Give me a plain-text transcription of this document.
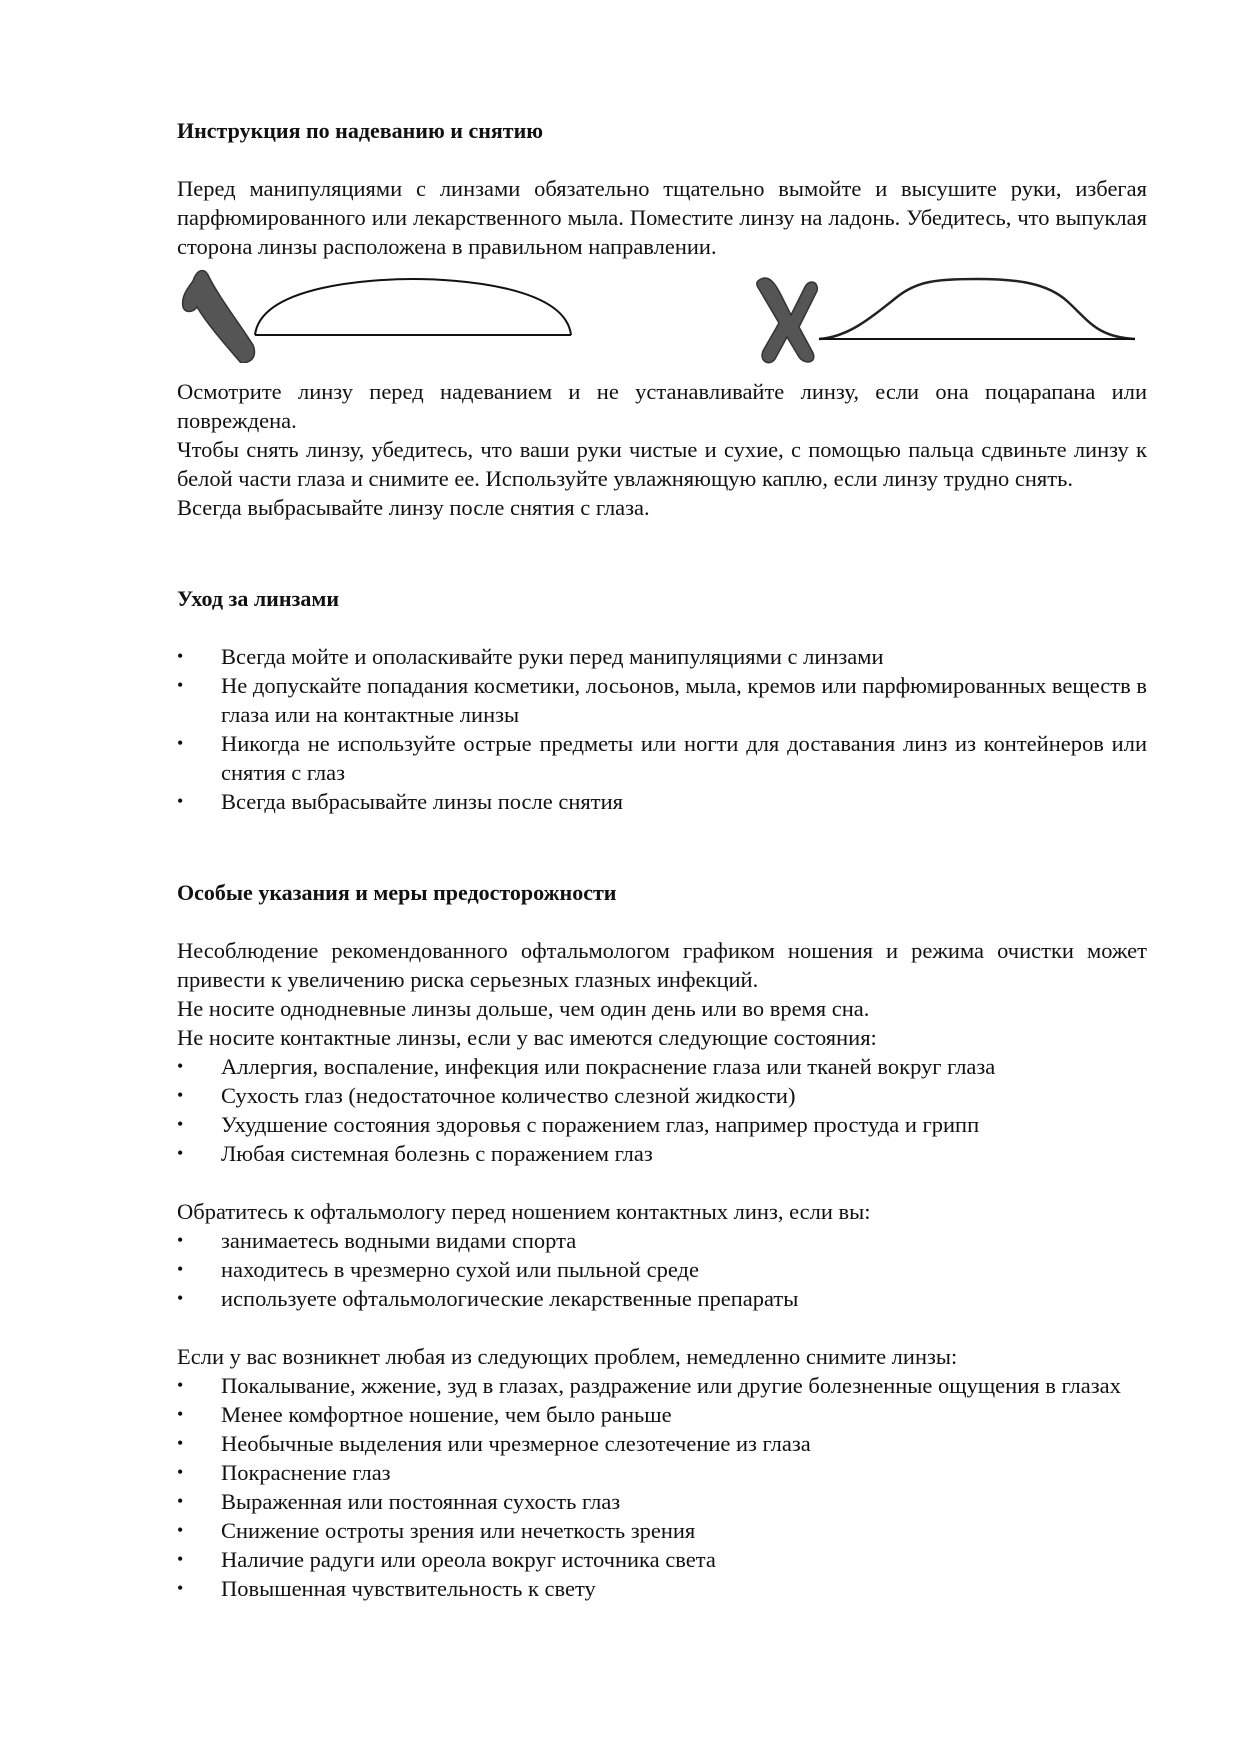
Инструкция по надеванию и снятию

Перед манипуляциями с линзами обязательно тщательно вымойте и высушите руки, избегая парфюмированного или лекарственного мыла. Поместите линзу на ладонь. Убедитесь, что выпуклая сторона линзы расположена в правильном направлении.

Осмотрите линзу перед надеванием и не устанавливайте линзу, если она поцарапана или повреждена.

Чтобы снять линзу, убедитесь, что ваши руки чистые и сухие, с помощью пальца сдвиньте линзу к белой части глаза и снимите ее. Используйте увлажняющую каплю, если линзу трудно снять.

Всегда выбрасывайте линзу после снятия с глаза.

Уход за линзами
•	Всегда мойте и ополаскивайте руки перед манипуляциями с линзами
•	Не допускайте попадания косметики, лосьонов, мыла, кремов или парфюмированных веществ в глаза или на контактные линзы
•	Никогда не используйте острые предметы или ногти для доставания линз из контейнеров или снятия с глаз
•	Всегда выбрасывайте линзы после снятия
Особые указания и меры предосторожности

Несоблюдение рекомендованного офтальмологом графиком ношения и режима очистки может привести к увеличению риска серьезных глазных инфекций.

Не носите однодневные линзы дольше, чем один день или во время сна.

Не носите контактные линзы, если у вас имеются следующие состояния:

•	Аллергия, воспаление, инфекция или покраснение глаза или тканей вокруг глаза
•	Сухость глаз (недостаточное количество слезной жидкости)
•	Ухудшение состояния здоровья с поражением глаз, например простуда и грипп
•	Любая системная болезнь с поражением глаз

Обратитесь к офтальмологу перед ношением контактных линз, если вы:

•	занимаетесь водными видами спорта
•	находитесь в чрезмерно сухой или пыльной среде
•	используете офтальмологические лекарственные препараты

Если у вас возникнет любая из следующих проблем, немедленно снимите линзы:

•	Покалывание, жжение, зуд в глазах, раздражение или другие болезненные ощущения в глазах
•	Менее комфортное ношение, чем было раньше
•	Необычные выделения или чрезмерное слезотечение из глаза
•	Покраснение глаз
•	Выраженная или постоянная сухость глаз
•	Снижение остроты зрения или нечеткость зрения
•	Наличие радуги или ореола вокруг источника света
•	Повышенная чувствительность к свету
